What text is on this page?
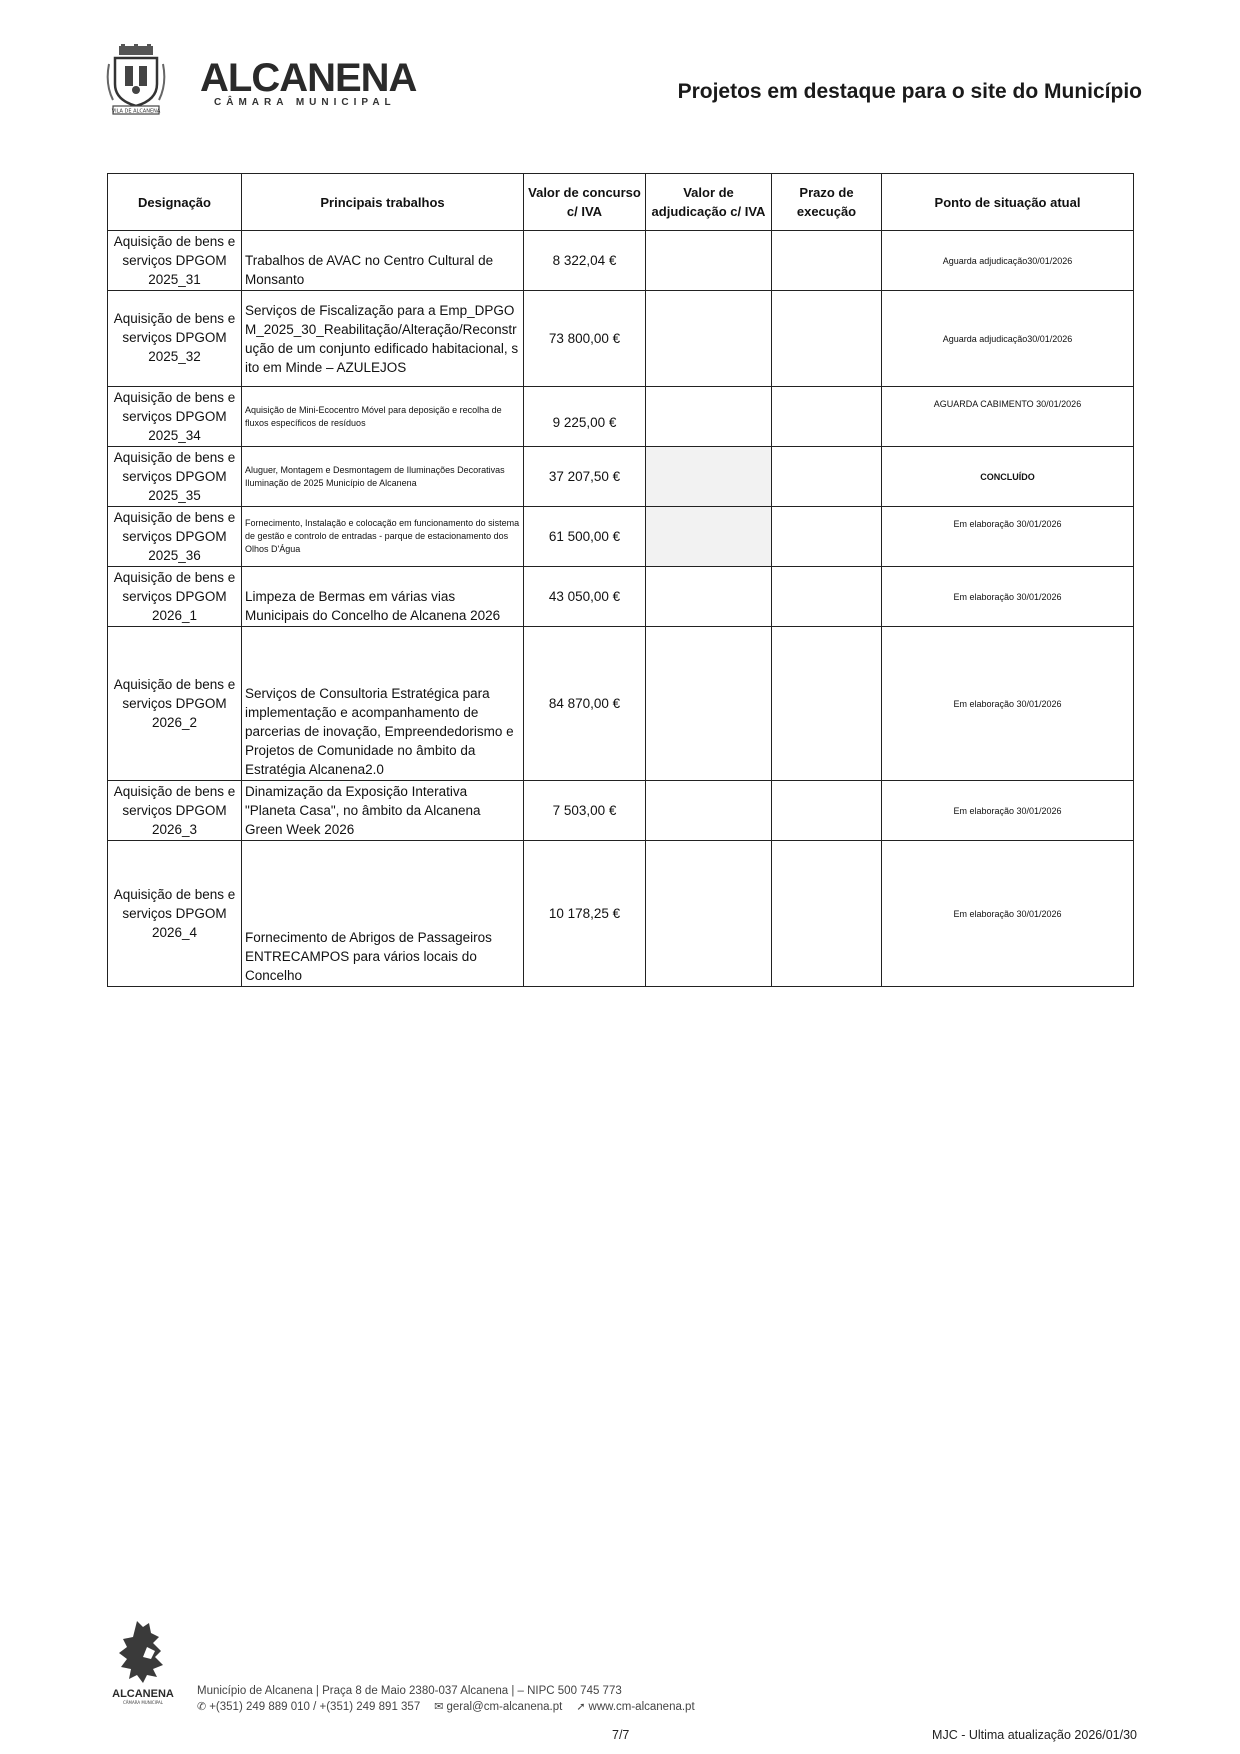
VILA DE ALCANENA
ALCANENA
CÂMARA MUNICIPAL	Projetos em destaque para o site do Município
Designação	Principais trabalhos	Valor de concurso c/ IVA	Valor de adjudicação c/ IVA	Prazo de execução	Ponto de situação atual
Aquisição de bens e serviços DPGOM 2025_31	Trabalhos de AVAC no Centro Cultural de Monsanto	8 322,04 €			Aguarda adjudicação30/01/2026
Aquisição de bens e serviços DPGOM 2025_32	Serviços de Fiscalização para a Emp_DPGOM_2025_30_Reabilitação/Alteração/Reconstrução de um conjunto edificado habitacional, sito em Minde – AZULEJOS	73 800,00 €			Aguarda adjudicação30/01/2026
Aquisição de bens e serviços DPGOM 2025_34	Aquisição de Mini-Ecocentro Móvel para deposição e recolha de fluxos específicos de resíduos	9 225,00 €			AGUARDA CABIMENTO 30/01/2026
Aquisição de bens e serviços DPGOM 2025_35	Aluguer, Montagem e Desmontagem de Iluminações Decorativas Iluminação de 2025 Município de Alcanena	37 207,50 €			CONCLUÍDO
Aquisição de bens e serviços DPGOM 2025_36	Fornecimento, Instalação e colocação em funcionamento do sistema de gestão e controlo de entradas - parque de estacionamento dos Olhos D'Água	61 500,00 €			Em elaboração 30/01/2026
Aquisição de bens e serviços DPGOM 2026_1	Limpeza de Bermas em várias vias Municipais do Concelho de Alcanena 2026	43 050,00 €			Em elaboração 30/01/2026
Aquisição de bens e serviços DPGOM 2026_2	Serviços de Consultoria Estratégica para implementação e acompanhamento de parcerias de inovação, Empreendedorismo e Projetos de Comunidade no âmbito da Estratégia Alcanena2.0	84 870,00 €			Em elaboração 30/01/2026
Aquisição de bens e serviços DPGOM 2026_3	Dinamização da Exposição Interativa "Planeta Casa", no âmbito da Alcanena Green Week 2026	7 503,00 €			Em elaboração 30/01/2026
Aquisição de bens e serviços DPGOM 2026_4	Fornecimento de Abrigos de Passageiros ENTRECAMPOS para vários locais do Concelho	10 178,25 €			Em elaboração 30/01/2026
ALCANENA
CÂMARA MUNICIPAL
Município de Alcanena | Praça 8 de Maio 2380-037 Alcanena | – NIPC 500 745 773
✆ +(351) 249 889 010 / +(351) 249 891 357 ✉ geral@cm-alcanena.pt ➚ www.cm-alcanena.pt
7/7	MJC - Ultima atualização 2026/01/30
